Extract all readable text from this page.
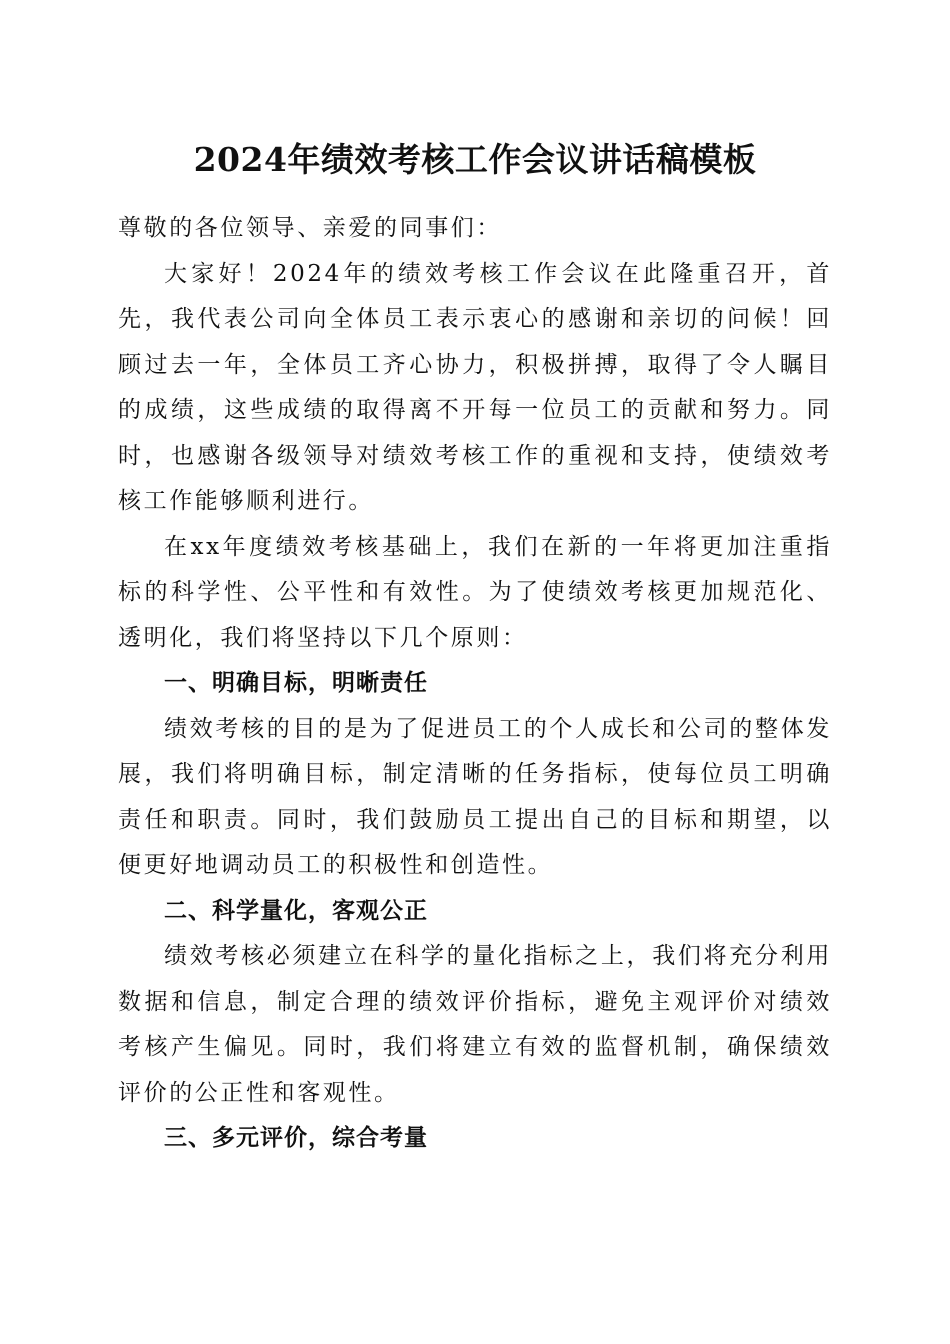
2024年绩效考核工作会议讲话稿模板

尊敬的各位领导、亲爱的同事们：

大家好！2024年的绩效考核工作会议在此隆重召开，首先，我代表公司向全体员工表示衷心的感谢和亲切的问候！回顾过去一年，全体员工齐心协力，积极拼搏，取得了令人瞩目的成绩，这些成绩的取得离不开每一位员工的贡献和努力。同时，也感谢各级领导对绩效考核工作的重视和支持，使绩效考核工作能够顺利进行。

在xx年度绩效考核基础上，我们在新的一年将更加注重指标的科学性、公平性和有效性。为了使绩效考核更加规范化、透明化，我们将坚持以下几个原则：

一、明确目标，明晰责任

绩效考核的目的是为了促进员工的个人成长和公司的整体发展，我们将明确目标，制定清晰的任务指标，使每位员工明确责任和职责。同时，我们鼓励员工提出自己的目标和期望，以便更好地调动员工的积极性和创造性。

二、科学量化，客观公正

绩效考核必须建立在科学的量化指标之上，我们将充分利用数据和信息，制定合理的绩效评价指标，避免主观评价对绩效考核产生偏见。同时，我们将建立有效的监督机制，确保绩效评价的公正性和客观性。

三、多元评价，综合考量
